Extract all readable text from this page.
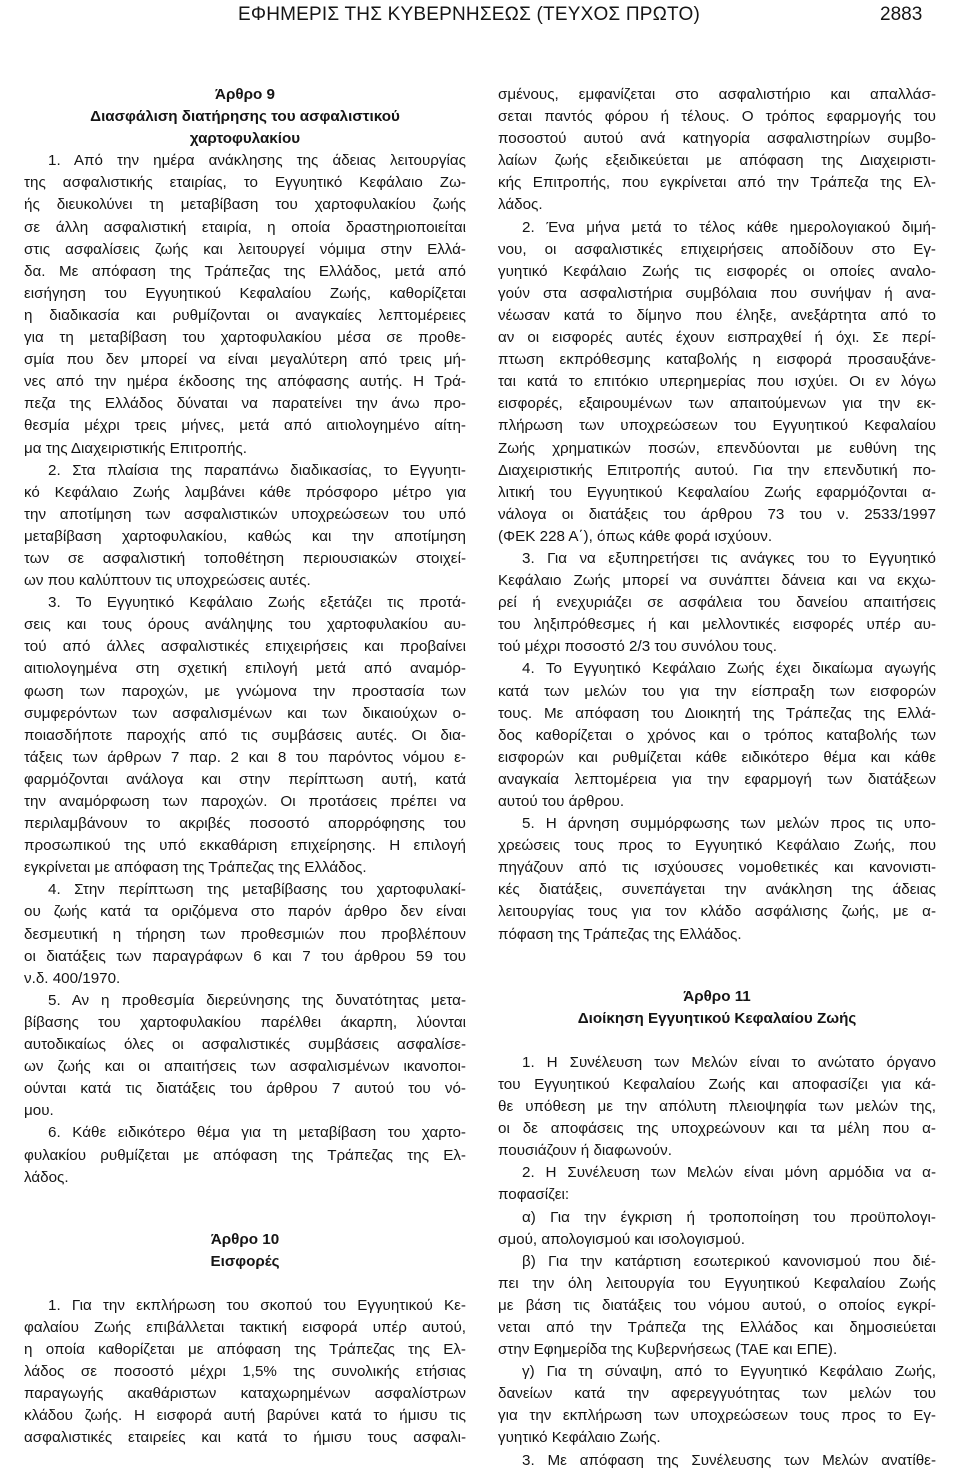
ΕΦΗΜΕΡΙΣ ΤΗΣ ΚΥΒΕΡΝΗΣΕΩΣ (ΤΕΥΧΟΣ ΠΡΩΤΟ)	2883
Άρθρο 9
Διασφάλιση διατήρησης του ασφαλιστικού
χαρτοφυλακίου
1. Από την ημέρα ανάκλησης της άδειας λειτουργίας
της ασφαλιστικής εταιρίας, το Εγγυητικό Κεφάλαιο Ζω-
ής διευκολύνει τη μεταβίβαση του χαρτοφυλακίου ζωής
σε άλλη ασφαλιστική εταιρία, η οποία δραστηριοποιείται
στις ασφαλίσεις ζωής και λειτουργεί νόμιμα στην Ελλά-
δα. Με απόφαση της Τράπεζας της Ελλάδος, μετά από
εισήγηση του Εγγυητικού Κεφαλαίου Ζωής, καθορίζεται
η διαδικασία και ρυθμίζονται οι αναγκαίες λεπτομέρειες
για τη μεταβίβαση του χαρτοφυλακίου μέσα σε προθε-
σμία που δεν μπορεί να είναι μεγαλύτερη από τρεις μή-
νες από την ημέρα έκδοσης της απόφασης αυτής. Η Τρά-
πεζα της Ελλάδος δύναται να παρατείνει την άνω προ-
θεσμία μέχρι τρεις μήνες, μετά από αιτιολογημένο αίτη-
μα της Διαχειριστικής Επιτροπής.
2. Στα πλαίσια της παραπάνω διαδικασίας, το Εγγυητι-
κό Κεφάλαιο Ζωής λαμβάνει κάθε πρόσφορο μέτρο για
την αποτίμηση των ασφαλιστικών υποχρεώσεων του υπό
μεταβίβαση χαρτοφυλακίου, καθώς και την αποτίμηση
των σε ασφαλιστική τοποθέτηση περιουσιακών στοιχεί-
ων που καλύπτουν τις υποχρεώσεις αυτές.
3. Το Εγγυητικό Κεφάλαιο Ζωής εξετάζει τις προτά-
σεις και τους όρους ανάληψης του χαρτοφυλακίου αυ-
τού από άλλες ασφαλιστικές επιχειρήσεις και προβαίνει
αιτιολογημένα στη σχετική επιλογή μετά από αναμόρ-
φωση των παροχών, με γνώμονα την προστασία των
συμφερόντων των ασφαλισμένων και των δικαιούχων ο-
ποιασδήποτε παροχής από τις συμβάσεις αυτές. Οι δια-
τάξεις των άρθρων 7 παρ. 2 και 8 του παρόντος νόμου ε-
φαρμόζονται ανάλογα και στην περίπτωση αυτή, κατά
την αναμόρφωση των παροχών. Οι προτάσεις πρέπει να
περιλαμβάνουν το ακριβές ποσοστό απορρόφησης του
προσωπικού της υπό εκκαθάριση επιχείρησης. Η επιλογή
εγκρίνεται με απόφαση της Τράπεζας της Ελλάδος.
4. Στην περίπτωση της μεταβίβασης του χαρτοφυλακί-
ου ζωής κατά τα οριζόμενα στο παρόν άρθρο δεν είναι
δεσμευτική η τήρηση των προθεσμιών που προβλέπουν
οι διατάξεις των παραγράφων 6 και 7 του άρθρου 59 του
ν.δ. 400/1970.
5. Αν η προθεσμία διερεύνησης της δυνατότητας μετα-
βίβασης του χαρτοφυλακίου παρέλθει άκαρπη, λύονται
αυτοδικαίως όλες οι ασφαλιστικές συμβάσεις ασφαλίσε-
ων ζωής και οι απαιτήσεις των ασφαλισμένων ικανοποι-
ούνται κατά τις διατάξεις του άρθρου 7 αυτού του νό-
μου.
6. Κάθε ειδικότερο θέμα για τη μεταβίβαση του χαρτο-
φυλακίου ρυθμίζεται με απόφαση της Τράπεζας της Ελ-
λάδος.
Άρθρο 10
Εισφορές
1. Για την εκπλήρωση του σκοπού του Εγγυητικού Κε-
φαλαίου Ζωής επιβάλλεται τακτική εισφορά υπέρ αυτού,
η οποία καθορίζεται με απόφαση της Τράπεζας της Ελ-
λάδος σε ποσοστό μέχρι 1,5% της συνολικής ετήσιας
παραγωγής ακαθάριστων καταχωρημένων ασφαλίστρων
κλάδου ζωής. Η εισφορά αυτή βαρύνει κατά το ήμισυ τις
ασφαλιστικές εταιρείες και κατά το ήμισυ τους ασφαλι-
σμένους, εμφανίζεται στο ασφαλιστήριο και απαλλάσ-
σεται παντός φόρου ή τέλους. Ο τρόπος εφαρμογής του
ποσοστού αυτού ανά κατηγορία ασφαλιστηρίων συμβο-
λαίων ζωής εξειδικεύεται με απόφαση της Διαχειριστι-
κής Επιτροπής, που εγκρίνεται από την Τράπεζα της Ελ-
λάδος.
2. Ένα μήνα μετά το τέλος κάθε ημερολογιακού διμή-
νου, οι ασφαλιστικές επιχειρήσεις αποδίδουν στο Εγ-
γυητικό Κεφάλαιο Ζωής τις εισφορές οι οποίες αναλο-
γούν στα ασφαλιστήρια συμβόλαια που συνήψαν ή ανα-
νέωσαν κατά το δίμηνο που έληξε, ανεξάρτητα από το
αν οι εισφορές αυτές έχουν εισπραχθεί ή όχι. Σε περί-
πτωση εκπρόθεσμης καταβολής η εισφορά προσαυξάνε-
ται κατά το επιτόκιο υπερημερίας που ισχύει. Οι εν λόγω
εισφορές, εξαιρουμένων των απαιτούμενων για την εκ-
πλήρωση των υποχρεώσεων του Εγγυητικού Κεφαλαίου
Ζωής χρηματικών ποσών, επενδύονται με ευθύνη της
Διαχειριστικής Επιτροπής αυτού. Για την επενδυτική πο-
λιτική του Εγγυητικού Κεφαλαίου Ζωής εφαρμόζονται α-
νάλογα οι διατάξεις του άρθρου 73 του ν. 2533/1997
(ΦΕΚ 228 Α΄), όπως κάθε φορά ισχύουν.
3. Για να εξυπηρετήσει τις ανάγκες του το Εγγυητικό
Κεφάλαιο Ζωής μπορεί να συνάπτει δάνεια και να εκχω-
ρεί ή ενεχυριάζει σε ασφάλεια του δανείου απαιτήσεις
του ληξιπρόθεσμες ή και μελλοντικές εισφορές υπέρ αυ-
τού μέχρι ποσοστό 2/3 του συνόλου τους.
4. Το Εγγυητικό Κεφάλαιο Ζωής έχει δικαίωμα αγωγής
κατά των μελών του για την είσπραξη των εισφορών
τους. Με απόφαση του Διοικητή της Τράπεζας της Ελλά-
δος καθορίζεται ο χρόνος και ο τρόπος καταβολής των
εισφορών και ρυθμίζεται κάθε ειδικότερο θέμα και κάθε
αναγκαία λεπτομέρεια για την εφαρμογή των διατάξεων
αυτού του άρθρου.
5. Η άρνηση συμμόρφωσης των μελών προς τις υπο-
χρεώσεις τους προς το Εγγυητικό Κεφάλαιο Ζωής, που
πηγάζουν από τις ισχύουσες νομοθετικές και κανονιστι-
κές διατάξεις, συνεπάγεται την ανάκληση της άδειας
λειτουργίας τους για τον κλάδο ασφάλισης ζωής, με α-
πόφαση της Τράπεζας της Ελλάδος.
Άρθρο 11
Διοίκηση Εγγυητικού Κεφαλαίου Ζωής
1. Η Συνέλευση των Μελών είναι το ανώτατο όργανο
του Εγγυητικού Κεφαλαίου Ζωής και αποφασίζει για κά-
θε υπόθεση με την απόλυτη πλειοψηφία των μελών της,
οι δε αποφάσεις της υποχρεώνουν και τα μέλη που α-
πουσιάζουν ή διαφωνούν.
2. Η Συνέλευση των Μελών είναι μόνη αρμόδια να α-
ποφασίζει:
α) Για την έγκριση ή τροποποίηση του προϋπολογι-
σμού, απολογισμού και ισολογισμού.
β) Για την κατάρτιση εσωτερικού κανονισμού που διέ-
πει την όλη λειτουργία του Εγγυητικού Κεφαλαίου Ζωής
με βάση τις διατάξεις του νόμου αυτού, ο οποίος εγκρί-
νεται από την Τράπεζα της Ελλάδος και δημοσιεύεται
στην Εφημερίδα της Κυβερνήσεως (ΤΑΕ και ΕΠΕ).
γ) Για τη σύναψη, από το Εγγυητικό Κεφάλαιο Ζωής,
δανείων κατά την αφερεγγυότητας των μελών του
για την εκπλήρωση των υποχρεώσεων τους προς το Εγ-
γυητικό Κεφάλαιο Ζωής.
3. Με απόφαση της Συνέλευσης των Μελών ανατίθε-
